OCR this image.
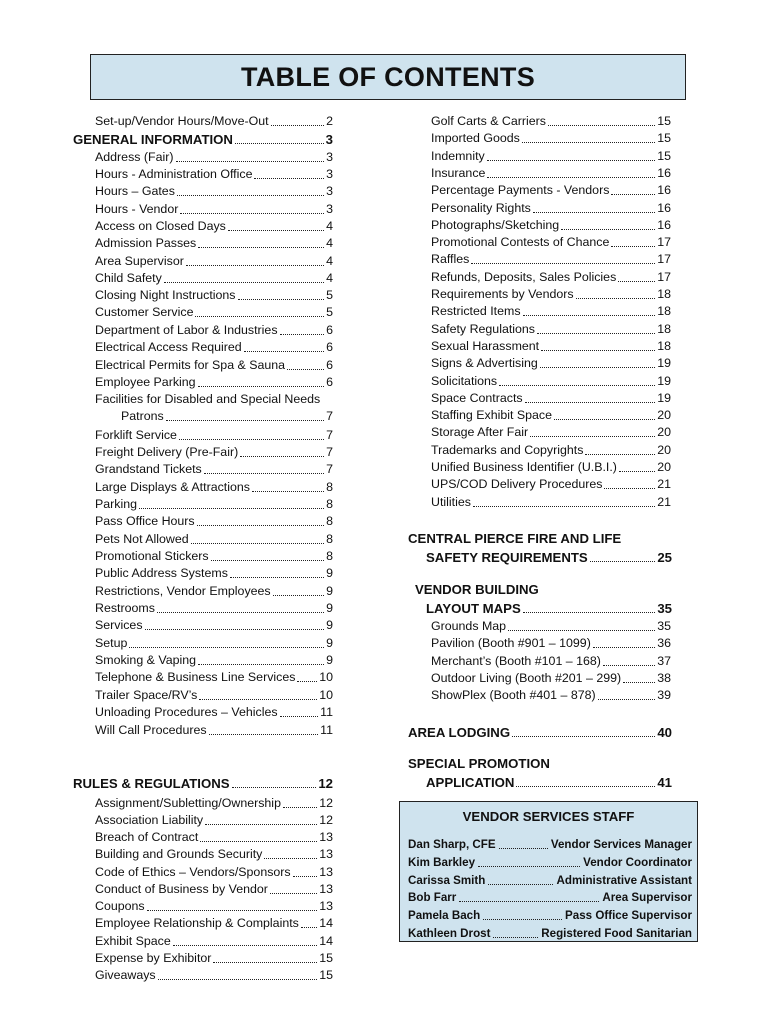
TABLE OF CONTENTS
Set-up/Vendor Hours/Move-Out	2
GENERAL INFORMATION	3
Address (Fair)	3
Hours - Administration Office	3
Hours – Gates	3
Hours - Vendor	3
Access on Closed Days	4
Admission Passes	4
Area Supervisor	4
Child Safety	4
Closing Night Instructions	5
Customer Service	5
Department of Labor & Industries	6
Electrical Access Required	6
Electrical Permits for Spa & Sauna	6
Employee Parking	6
Facilities for Disabled and Special Needs
Patrons	7
Forklift Service	7
Freight Delivery (Pre-Fair)	7
Grandstand Tickets	7
Large Displays & Attractions	8
Parking	8
Pass Office Hours	8
Pets Not Allowed	8
Promotional Stickers	8
Public Address Systems	9
Restrictions, Vendor Employees	9
Restrooms	9
Services	9
Setup	9
Smoking & Vaping	9
Telephone & Business Line Services 10
Trailer Space/RV’s	10
Unloading Procedures – Vehicles	11
Will Call Procedures	11
RULES & REGULATIONS	12
Assignment/Subletting/Ownership	12
Association Liability	12
Breach of Contract	13
Building and Grounds Security	13
Code of Ethics – Vendors/Sponsors 13
Conduct of Business by Vendor	13
Coupons	13
Employee Relationship & Complaints 14
Exhibit Space	14
Expense by Exhibitor	15
Giveaways	15
Golf Carts & Carriers	15
Imported Goods	15
Indemnity	15
Insurance	16
Percentage Payments - Vendors	16
Personality Rights	16
Photographs/Sketching	16
Promotional Contests of Chance	17
Raffles	17
Refunds, Deposits, Sales Policies	17
Requirements by Vendors	18
Restricted Items	18
Safety Regulations	18
Sexual Harassment	18
Signs & Advertising	19
Solicitations	19
Space Contracts	19
Staffing Exhibit Space	20
Storage After Fair	20
Trademarks and Copyrights	20
Unified Business Identifier (U.B.I.)	20
UPS/COD Delivery Procedures	21
Utilities	21
CENTRAL PIERCE FIRE AND LIFE
SAFETY REQUIREMENTS	25
VENDOR BUILDING
LAYOUT MAPS	35
Grounds Map	35
Pavilion (Booth #901 – 1099)	36
Merchant’s (Booth #101 – 168)	37
Outdoor Living (Booth #201 – 299)	38
ShowPlex (Booth #401 – 878)	39
AREA LODGING	40
SPECIAL PROMOTION
APPLICATION	41
VENDOR SERVICES STAFF
Dan Sharp, CFE	Vendor Services Manager
Kim Barkley	Vendor Coordinator
Carissa Smith	Administrative Assistant
Bob Farr	Area Supervisor
Pamela Bach	Pass Office Supervisor
Kathleen Drost	Registered Food Sanitarian
